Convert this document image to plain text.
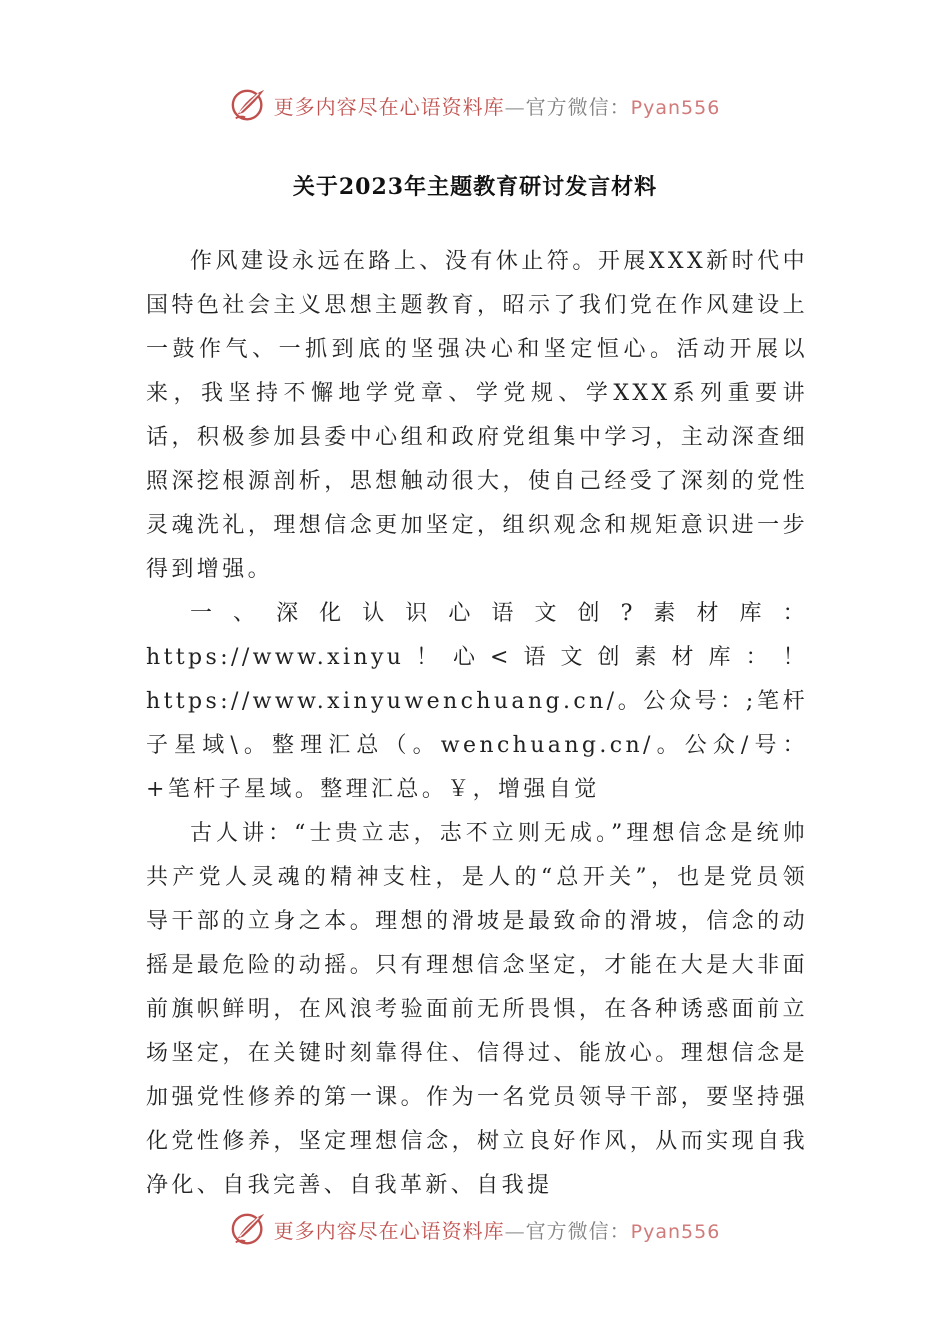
更多内容尽在心语资料库—官方微信：Pyan556
关于2023年主题教育研讨发言材料

作风建设永远在路上、没有休止符。开展XXX新时代中国特色社会主义思想主题教育，昭示了我们党在作风建设上一鼓作气、一抓到底的坚强决心和坚定恒心。活动开展以来，我坚持不懈地学党章、学党规、学XXX系列重要讲话，积极参加县委中心组和政府党组集中学习，主动深查细照深挖根源剖析，思想触动很大，使自己经受了深刻的党性灵魂洗礼，理想信念更加坚定，组织观念和规矩意识进一步得到增强。

一、深化认识心语文创?素材库：https://www.xinyu！心<语文创素材库：！https://www.xinyuwenchuang.cn/。公众号：;笔杆子星域\。整理汇总（。wenchuang.cn/。公众/号：+笔杆子星域。整理汇总。￥，增强自觉

古人讲：“士贵立志，志不立则无成。”理想信念是统帅共产党人灵魂的精神支柱，是人的“总开关”，也是党员领导干部的立身之本。理想的滑坡是最致命的滑坡，信念的动摇是最危险的动摇。只有理想信念坚定，才能在大是大非面前旗帜鲜明，在风浪考验面前无所畏惧，在各种诱惑面前立场坚定，在关键时刻靠得住、信得过、能放心。理想信念是加强党性修养的第一课。作为一名党员领导干部，要坚持强化党性修养，坚定理想信念，树立良好作风，从而实现自我净化、自我完善、自我革新、自我提

更多内容尽在心语资料库—官方微信：Pyan556
